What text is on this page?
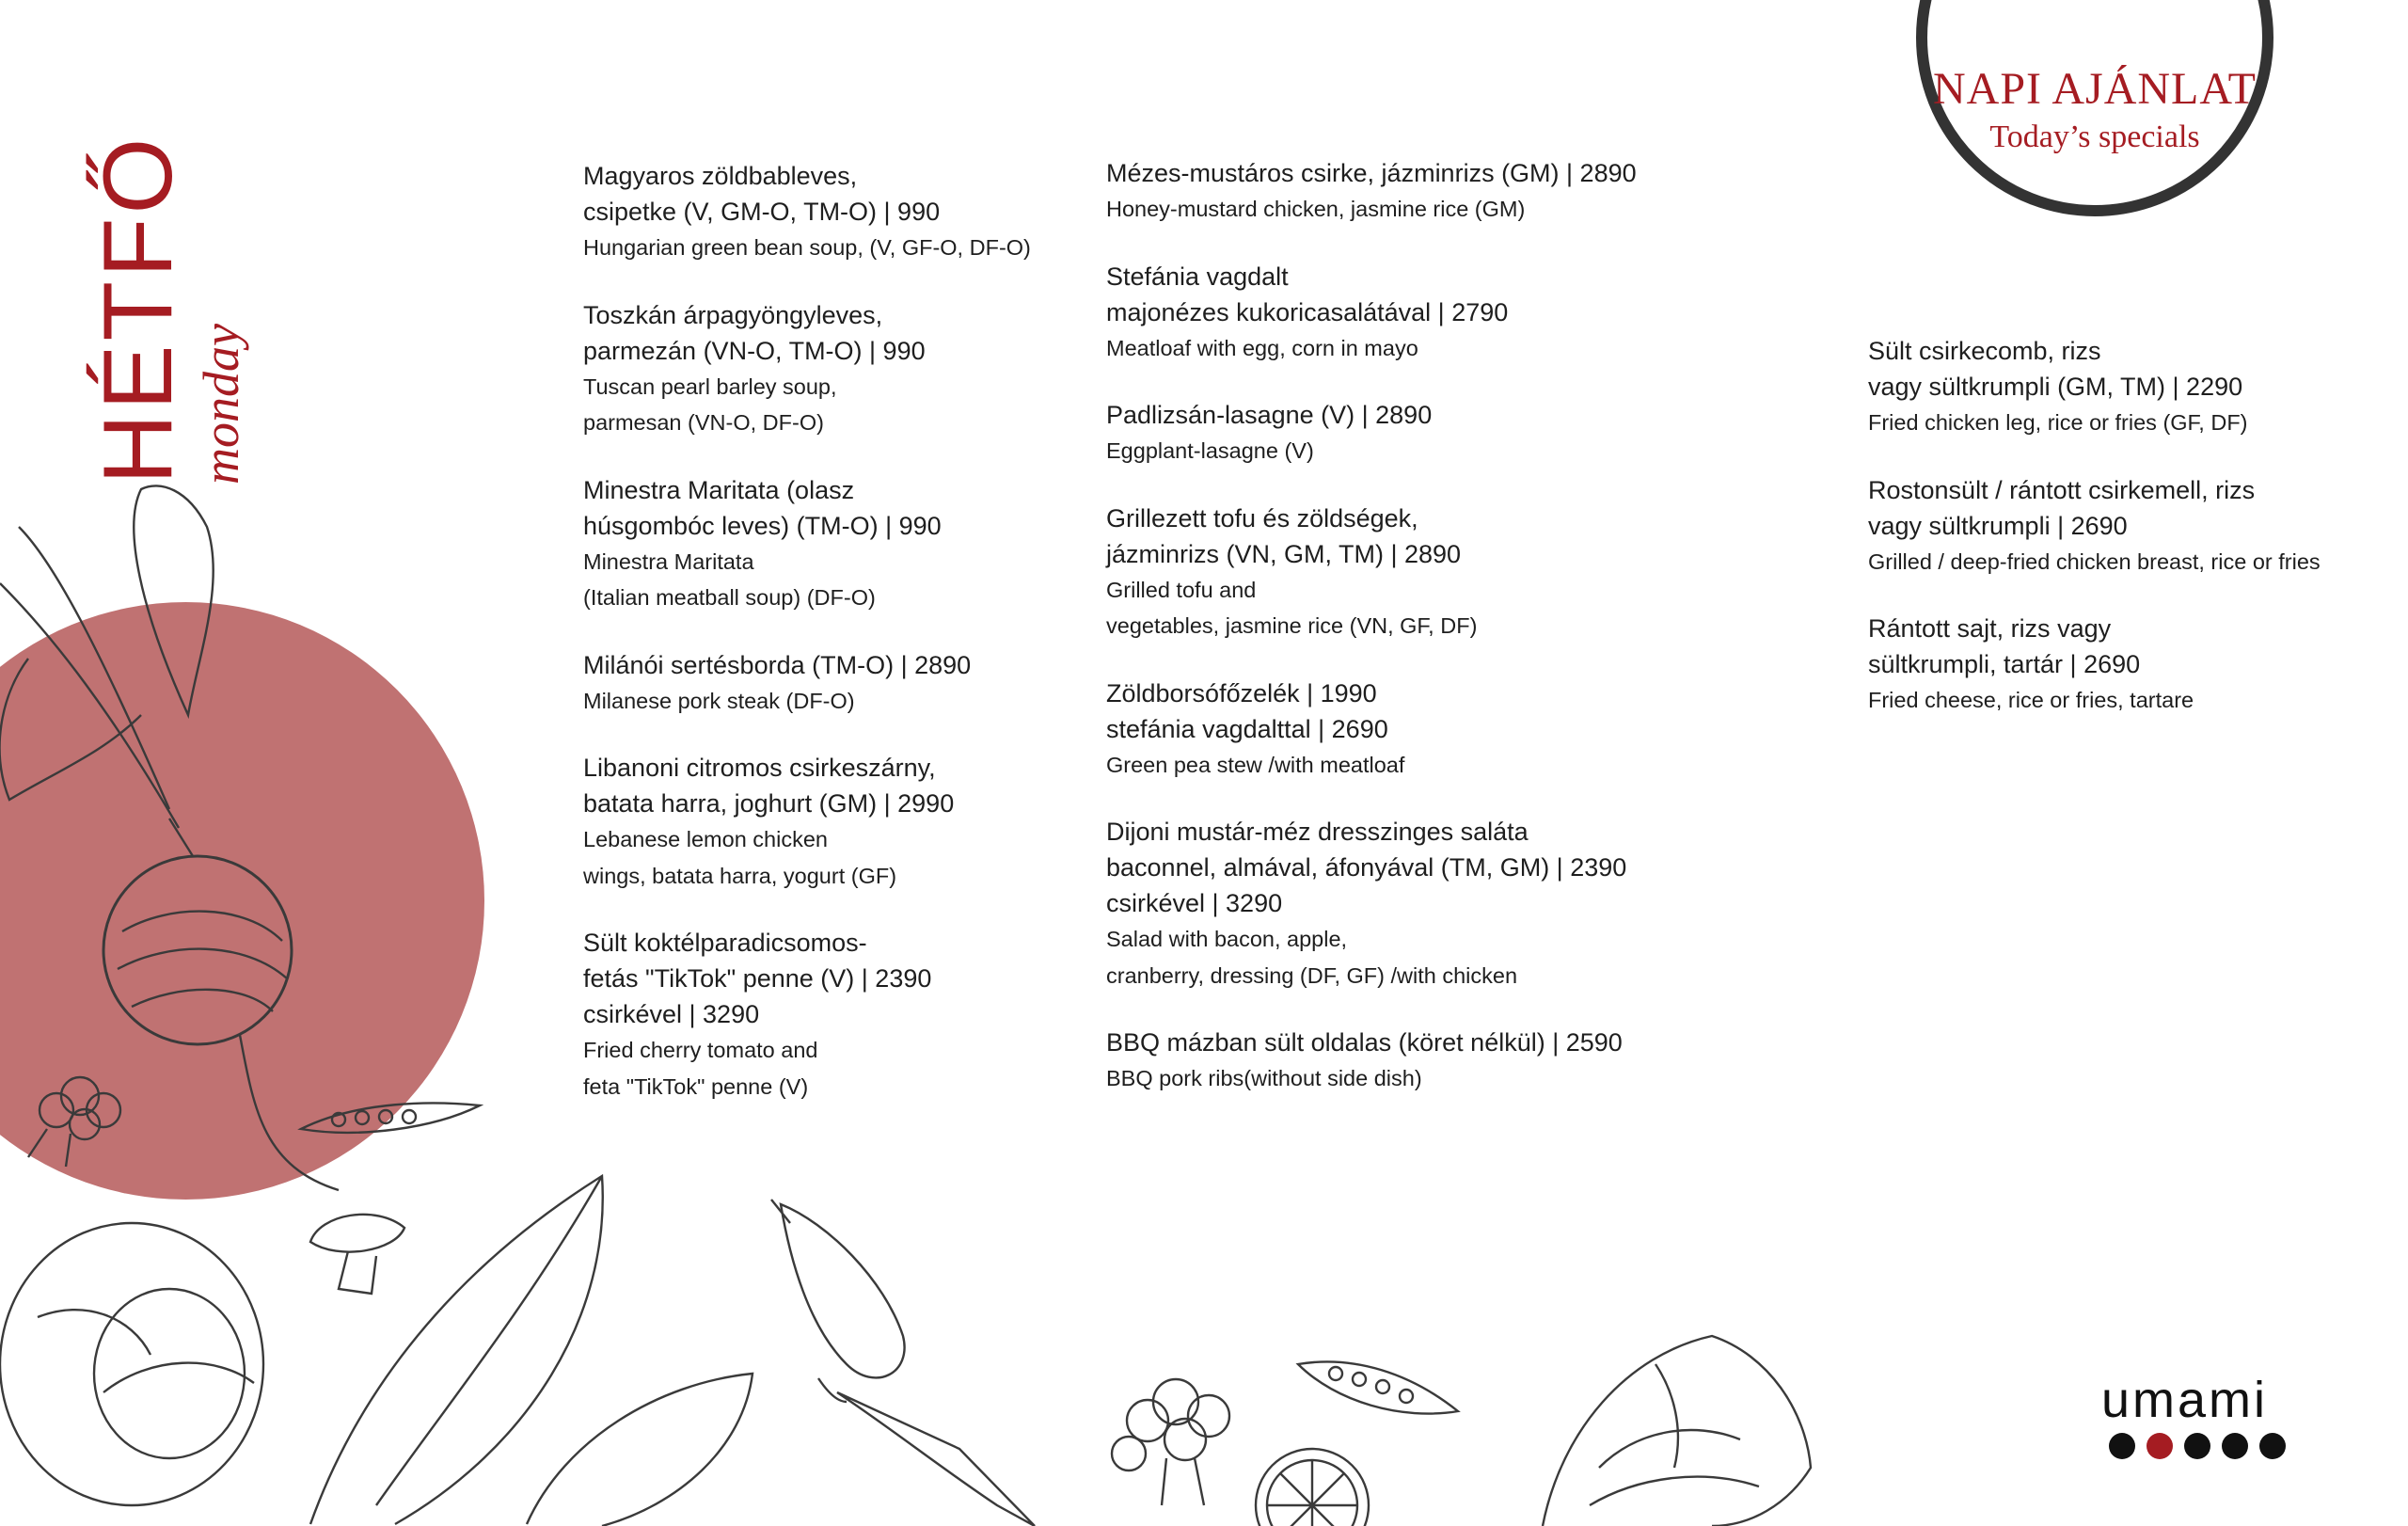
HÉTFŐ monday
NAPI AJÁNLAT
Today’s specials
Magyaros zöldbableves,
csipetke (V, GM-O, TM-O) | 990
Hungarian green bean soup, (V, GF-O, DF-O)
Toszkán árpagyöngyleves,
parmezán (VN-O, TM-O) | 990
Tuscan pearl barley soup,
parmesan (VN-O, DF-O)
Minestra Maritata (olasz
húsgombóc leves) (TM-O) | 990
Minestra Maritata
(Italian meatball soup) (DF-O)
Milánói sertésborda (TM-O) | 2890
Milanese pork steak (DF-O)
Libanoni citromos csirkeszárny,
batata harra, joghurt (GM) | 2990
Lebanese lemon chicken
wings, batata harra, yogurt (GF)
Sült koktélparadicsomos-
fetás "TikTok" penne (V) | 2390
csirkével | 3290
Fried cherry tomato and
feta "TikTok" penne (V)
Mézes-mustáros csirke, jázminrizs (GM) | 2890
Honey-mustard chicken, jasmine rice (GM)
Stefánia vagdalt
majonézes kukoricasalátával | 2790
Meatloaf with egg, corn in mayo
Padlizsán-lasagne (V) | 2890
Eggplant-lasagne (V)
Grillezett tofu és zöldségek,
jázminrizs (VN, GM, TM) | 2890
Grilled tofu and
vegetables, jasmine rice (VN, GF, DF)
Zöldborsófőzelék | 1990
stefánia vagdalttal | 2690
Green pea stew /with meatloaf
Dijoni mustár-méz dresszinges saláta
baconnel, almával, áfonyával (TM, GM) | 2390
csirkével | 3290
Salad with bacon, apple,
cranberry, dressing (DF, GF) /with chicken
BBQ mázban sült oldalas (köret nélkül) | 2590
BBQ pork ribs(without side dish)
Sült csirkecomb, rizs
vagy sültkrumpli (GM, TM) | 2290
Fried chicken leg, rice or fries (GF, DF)
Rostonsült / rántott csirkemell, rizs
vagy sültkrumpli | 2690
Grilled / deep-fried chicken breast, rice or fries
Rántott sajt, rizs vagy
sültkrumpli, tartár | 2690
Fried cheese, rice or fries, tartare
umami
